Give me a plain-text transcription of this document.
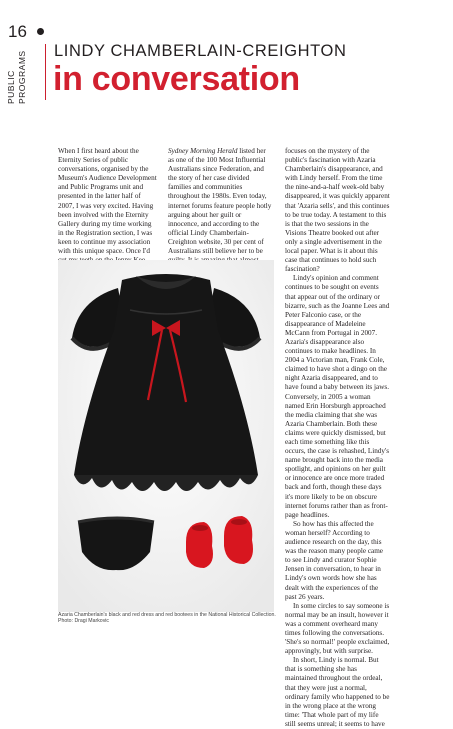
16
PUBLIC PROGRAMS LINDY CHAMBERLAIN-CREIGHTON
in conversation

When I first heard about the Eternity Series of public conversations, organised by the Museum's Audience Development and Public Programs unit and presented in the latter half of 2007, I was very excited. Having been involved with the Eternity Gallery during my time working in the Registration section, I was keen to continue my association with this unique space. Once I'd

Sydney Morning Herald listed her as one of the 100 Most Influential Australians since Federation, and the story of her case divided families and communities throughout the 1980s. Even today, internet forums feature people hotly arguing about her guilt or innocence, and according to the official Lindy Chamberlain-Creighton website, 30 per cent of Australians still believe her to be

focuses on the mystery of the public's fascination with Azaria Chamberlain's disappearance, and with Lindy herself. From the time the nine-and-a-half week-old baby disappeared, it was quickly apparent that 'Azaria sells', and this continues to be true today. A testament to this is that the two sessions in the Visions Theatre booked out after only a single advertisement in the local paper. What is it about this case that continues to hold such fascination?

Lindy's opinion and comment continues to be sought on events that appear out of the ordinary or bizarre, such as the Joanne Lees and Peter Falconio case, or the disappearance of Madeleine McCann from Portugal in 2007. Azaria's disappearance also continues to make headlines. In 2004 a Victorian man, Frank Cole, claimed to have shot a dingo on the night Azaria disappeared, and to have found a baby between its jaws. Conversely, in 2005 a woman named Erin Horsburgh approached the media claiming that she was Azaria Chamberlain. Both these claims were quickly dismissed, but each time something like this occurs, the case is rehashed, Lindy's name brought back into the media spotlight, and opinions on her guilt or innocence are once more traded back and forth, though these days it's more likely to be on obscure internet forums rather than as front-page headlines.

So how has this affected the woman herself? According to audience research on the day, this was the reason many people came to see Lindy and curator Sophie Jensen in conversation, to hear in Lindy's own words how she has dealt with the experiences of the past 26 years.

In some circles to say someone is normal may be an insult, however it was a comment overheard many times following the conversations. 'She's so normal!' people exclaimed, approvingly, but with surprise.

In short, Lindy is normal. But that is something she has maintained throughout the ordeal, that they were just a normal, ordinary family who happened to be in the wrong place at the wrong time: 'That whole part of my life still seems unreal; it seems to have

Azaria Chamberlain's black and red dress and red bootees in the National Historical Collection.
Photo: Dragi Markovic
